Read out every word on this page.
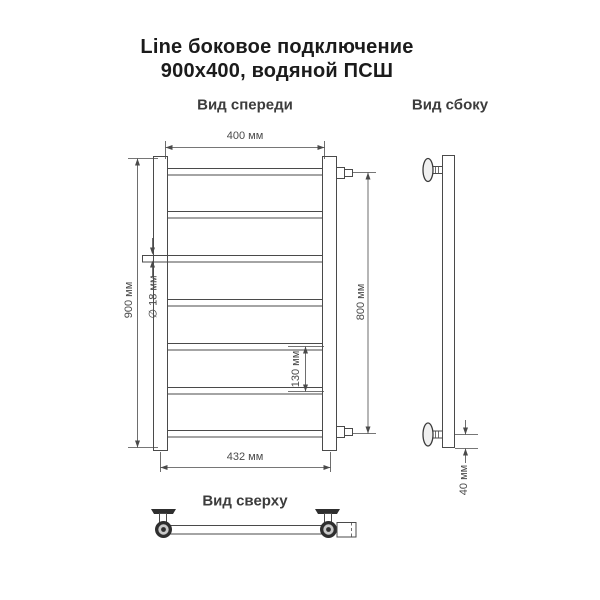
Line боковое подключение
900x400, водяной ПСШ
Вид спереди	Вид сбоку
Вид сверху
400 мм
432 мм
900 мм ∅ 18 мм	800 мм
130 мм
40 мм
